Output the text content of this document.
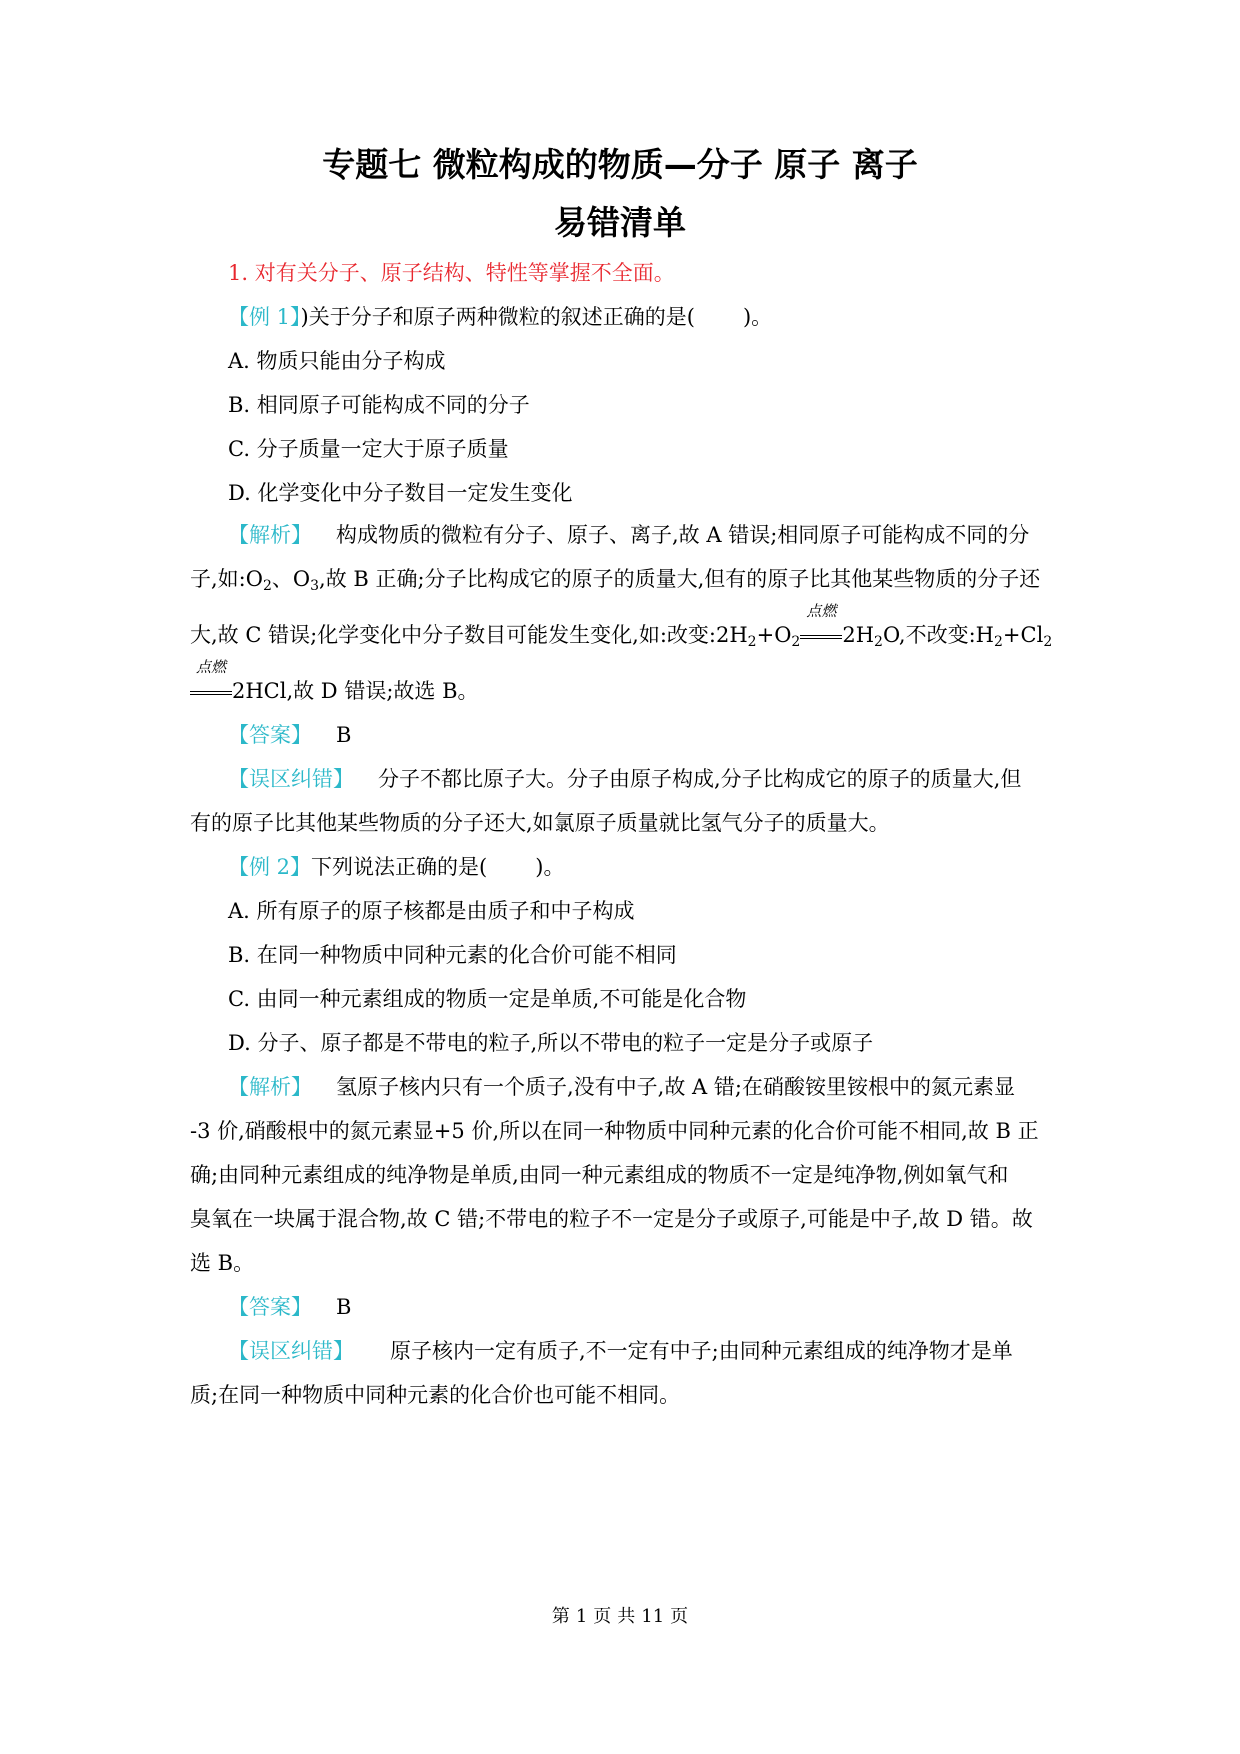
专题七 微粒构成的物质—分子 原子 离子
易错清单
1. 对有关分子、原子结构、特性等掌握不全面。
【例 1】)关于分子和原子两种微粒的叙述正确的是( )。
A. 物质只能由分子构成
B. 相同原子可能构成不同的分子
C. 分子质量一定大于原子质量
D. 化学变化中分子数目一定发生变化
【解析】 构成物质的微粒有分子、原子、离子,故 A 错误;相同原子可能构成不同的分
子,如$:O_2$、$O_3$,故 B 正确;分子比构成它的原子的质量大,但有的原子比其他某些物质的分子还
大,故 C 错误;化学变化中分子数目可能发生变化,如:改变$:2H_2+O_2$
点燃
$2H_2O$,不改变$:H_2+Cl_2$
点燃
2HCl,故 D 错误;故选 B。
【答案】 B
【误区纠错】 分子不都比原子大。分子由原子构成,分子比构成它的原子的质量大,但
有的原子比其他某些物质的分子还大,如氯原子质量就比氢气分子的质量大。
【例 2】下列说法正确的是( )。
A. 所有原子的原子核都是由质子和中子构成
B. 在同一种物质中同种元素的化合价可能不相同
C. 由同一种元素组成的物质一定是单质,不可能是化合物
D. 分子、原子都是不带电的粒子,所以不带电的粒子一定是分子或原子
【解析】 氢原子核内只有一个质子,没有中子,故 A 错;在硝酸铵里铵根中的氮元素显
-3 价,硝酸根中的氮元素显+5 价,所以在同一种物质中同种元素的化合价可能不相同,故 B 正
确;由同种元素组成的纯净物是单质,由同一种元素组成的物质不一定是纯净物,例如氧气和
臭氧在一块属于混合物,故 C 错;不带电的粒子不一定是分子或原子,可能是中子,故 D 错。故
选 B。
【答案】 B
【误区纠错】 原子核内一定有质子,不一定有中子;由同种元素组成的纯净物才是单
质;在同一种物质中同种元素的化合价也可能不相同。
第 1 页 共 11 页
